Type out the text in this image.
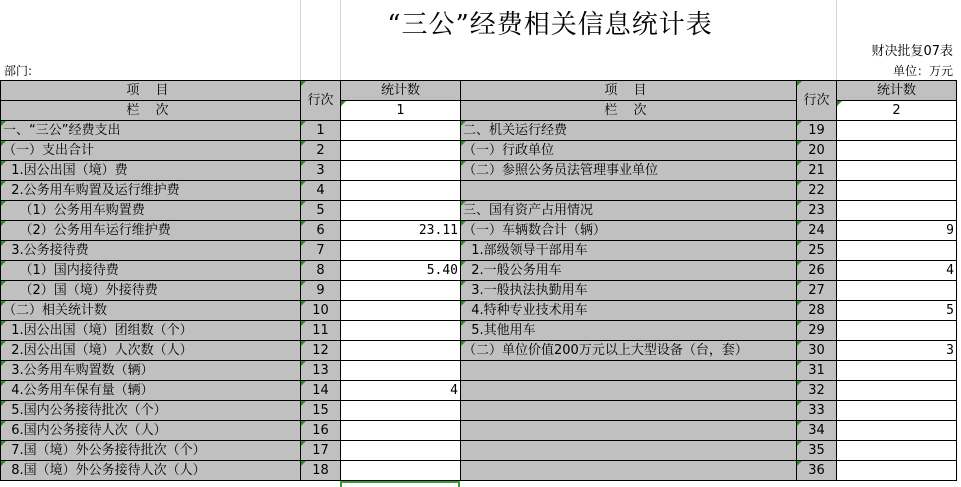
“三公”经费相关信息统计表
财决批复07表
部门:	单位：万元
项 目	行次	统计数	项 目	行次	统计数
栏 次		1	栏 次		2
一、“三公”经费支出	1		二、机关运行经费	19	
（一）支出合计	2		（一）行政单位	20	
1.因公出国（境）费	3		（二）参照公务员法管理事业单位	21	
2.公务用车购置及运行维护费	4			22	
（1）公务用车购置费	5		三、国有资产占用情况	23	
（2）公务用车运行维护费	6	23.11	（一）车辆数合计（辆）	24	9
3.公务接待费	7		1.部级领导干部用车	25	
（1）国内接待费	8	5.40	2.一般公务用车	26	4
（2）国（境）外接待费	9		3.一般执法执勤用车	27	
（二）相关统计数	10		4.特种专业技术用车	28	5
1.因公出国（境）团组数（个）	11		5.其他用车	29	
2.因公出国（境）人次数（人）	12		（二）单位价值200万元以上大型设备（台，套）	30	3
3.公务用车购置数（辆）	13			31	
4.公务用车保有量（辆）	14	4		32	
5.国内公务接待批次（个）	15			33	
6.国内公务接待人次（人）	16			34	
7.国（境）外公务接待批次（个）	17			35	
8.国（境）外公务接待人次（人）	18			36	
